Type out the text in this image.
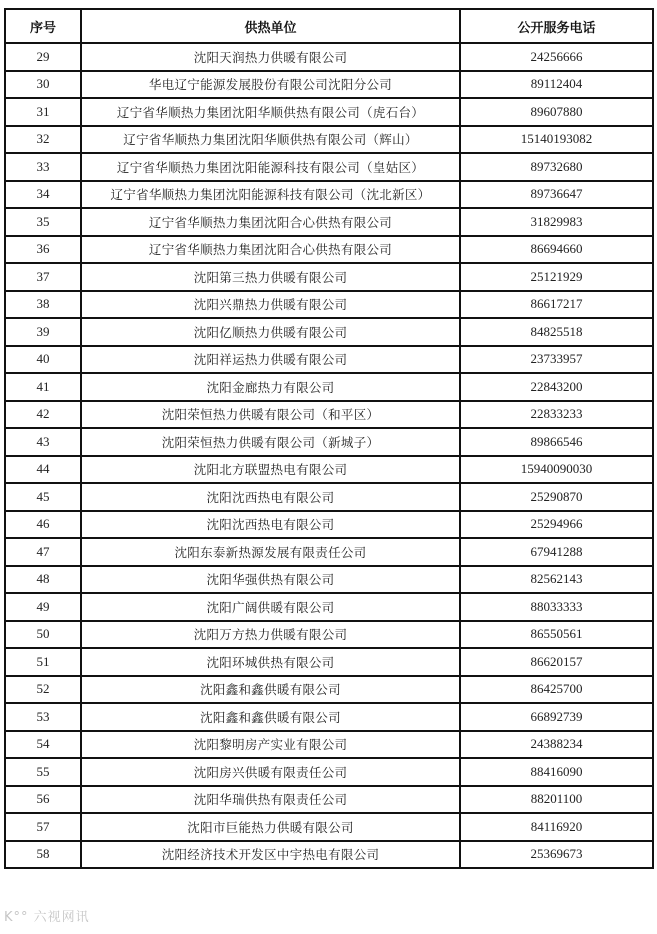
序号	供热单位	公开服务电话
29	沈阳天润热力供暖有限公司	24256666
30	华电辽宁能源发展股份有限公司沈阳分公司	89112404
31	辽宁省华顺热力集团沈阳华顺供热有限公司（虎石台）	89607880
32	辽宁省华顺热力集团沈阳华顺供热有限公司（辉山）	15140193082
33	辽宁省华顺热力集团沈阳能源科技有限公司（皇姑区）	89732680
34	辽宁省华顺热力集团沈阳能源科技有限公司（沈北新区）	89736647
35	辽宁省华顺热力集团沈阳合心供热有限公司	31829983
36	辽宁省华顺热力集团沈阳合心供热有限公司	86694660
37	沈阳第三热力供暖有限公司	25121929
38	沈阳兴鼎热力供暖有限公司	86617217
39	沈阳亿顺热力供暖有限公司	84825518
40	沈阳祥运热力供暖有限公司	23733957
41	沈阳金廊热力有限公司	22843200
42	沈阳荣恒热力供暖有限公司（和平区）	22833233
43	沈阳荣恒热力供暖有限公司（新城子）	89866546
44	沈阳北方联盟热电有限公司	15940090030
45	沈阳沈西热电有限公司	25290870
46	沈阳沈西热电有限公司	25294966
47	沈阳东泰新热源发展有限责任公司	67941288
48	沈阳华强供热有限公司	82562143
49	沈阳广阔供暖有限公司	88033333
50	沈阳万方热力供暖有限公司	86550561
51	沈阳环城供热有限公司	86620157
52	沈阳鑫和鑫供暖有限公司	86425700
53	沈阳鑫和鑫供暖有限公司	66892739
54	沈阳黎明房产实业有限公司	24388234
55	沈阳房兴供暖有限责任公司	88416090
56	沈阳华瑞供热有限责任公司	88201100
57	沈阳市巨能热力供暖有限公司	84116920
58	沈阳经济技术开发区中宇热电有限公司	25369673
K°° 六视网讯
